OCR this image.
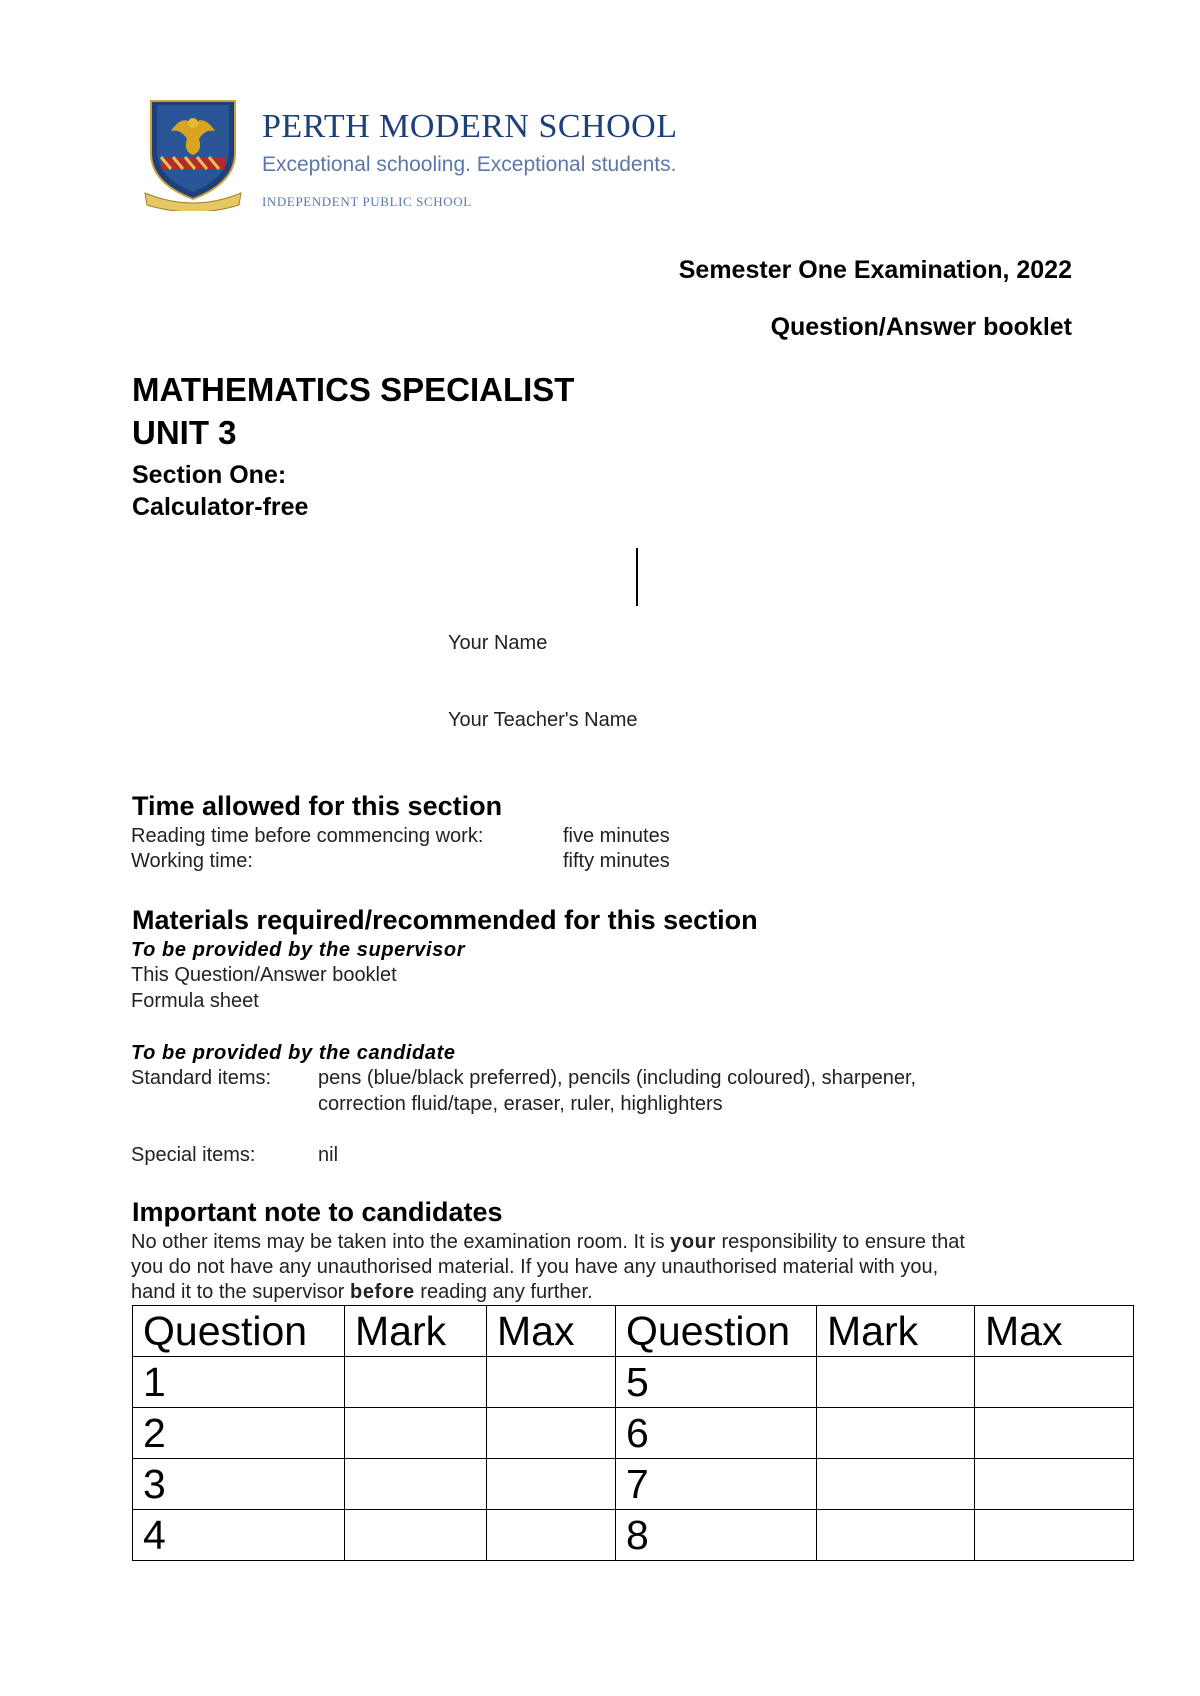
PERTH MODERN SCHOOL
Exceptional schooling. Exceptional students.
INDEPENDENT PUBLIC SCHOOL
Semester One Examination, 2022
Question/Answer booklet
MATHEMATICS SPECIALIST
UNIT 3
Section One:
Calculator-free
Your Name
Your Teacher's Name
Time allowed for this section
Reading time before commencing work:	five minutes
Working time:	fifty minutes
Materials required/recommended for this section
To be provided by the supervisor
This Question/Answer booklet
Formula sheet
To be provided by the candidate
Standard items: pens (blue/black preferred), pencils (including coloured), sharpener,
correction fluid/tape, eraser, ruler, highlighters
Special items:	nil
Important note to candidates
No other items may be taken into the examination room. It is your responsibility to ensure that
you do not have any unauthorised material. If you have any unauthorised material with you,
hand it to the supervisor before reading any further.
Question	Mark	Max	Question	Mark	Max
1			5		
2			6		
3			7		
4			8		
